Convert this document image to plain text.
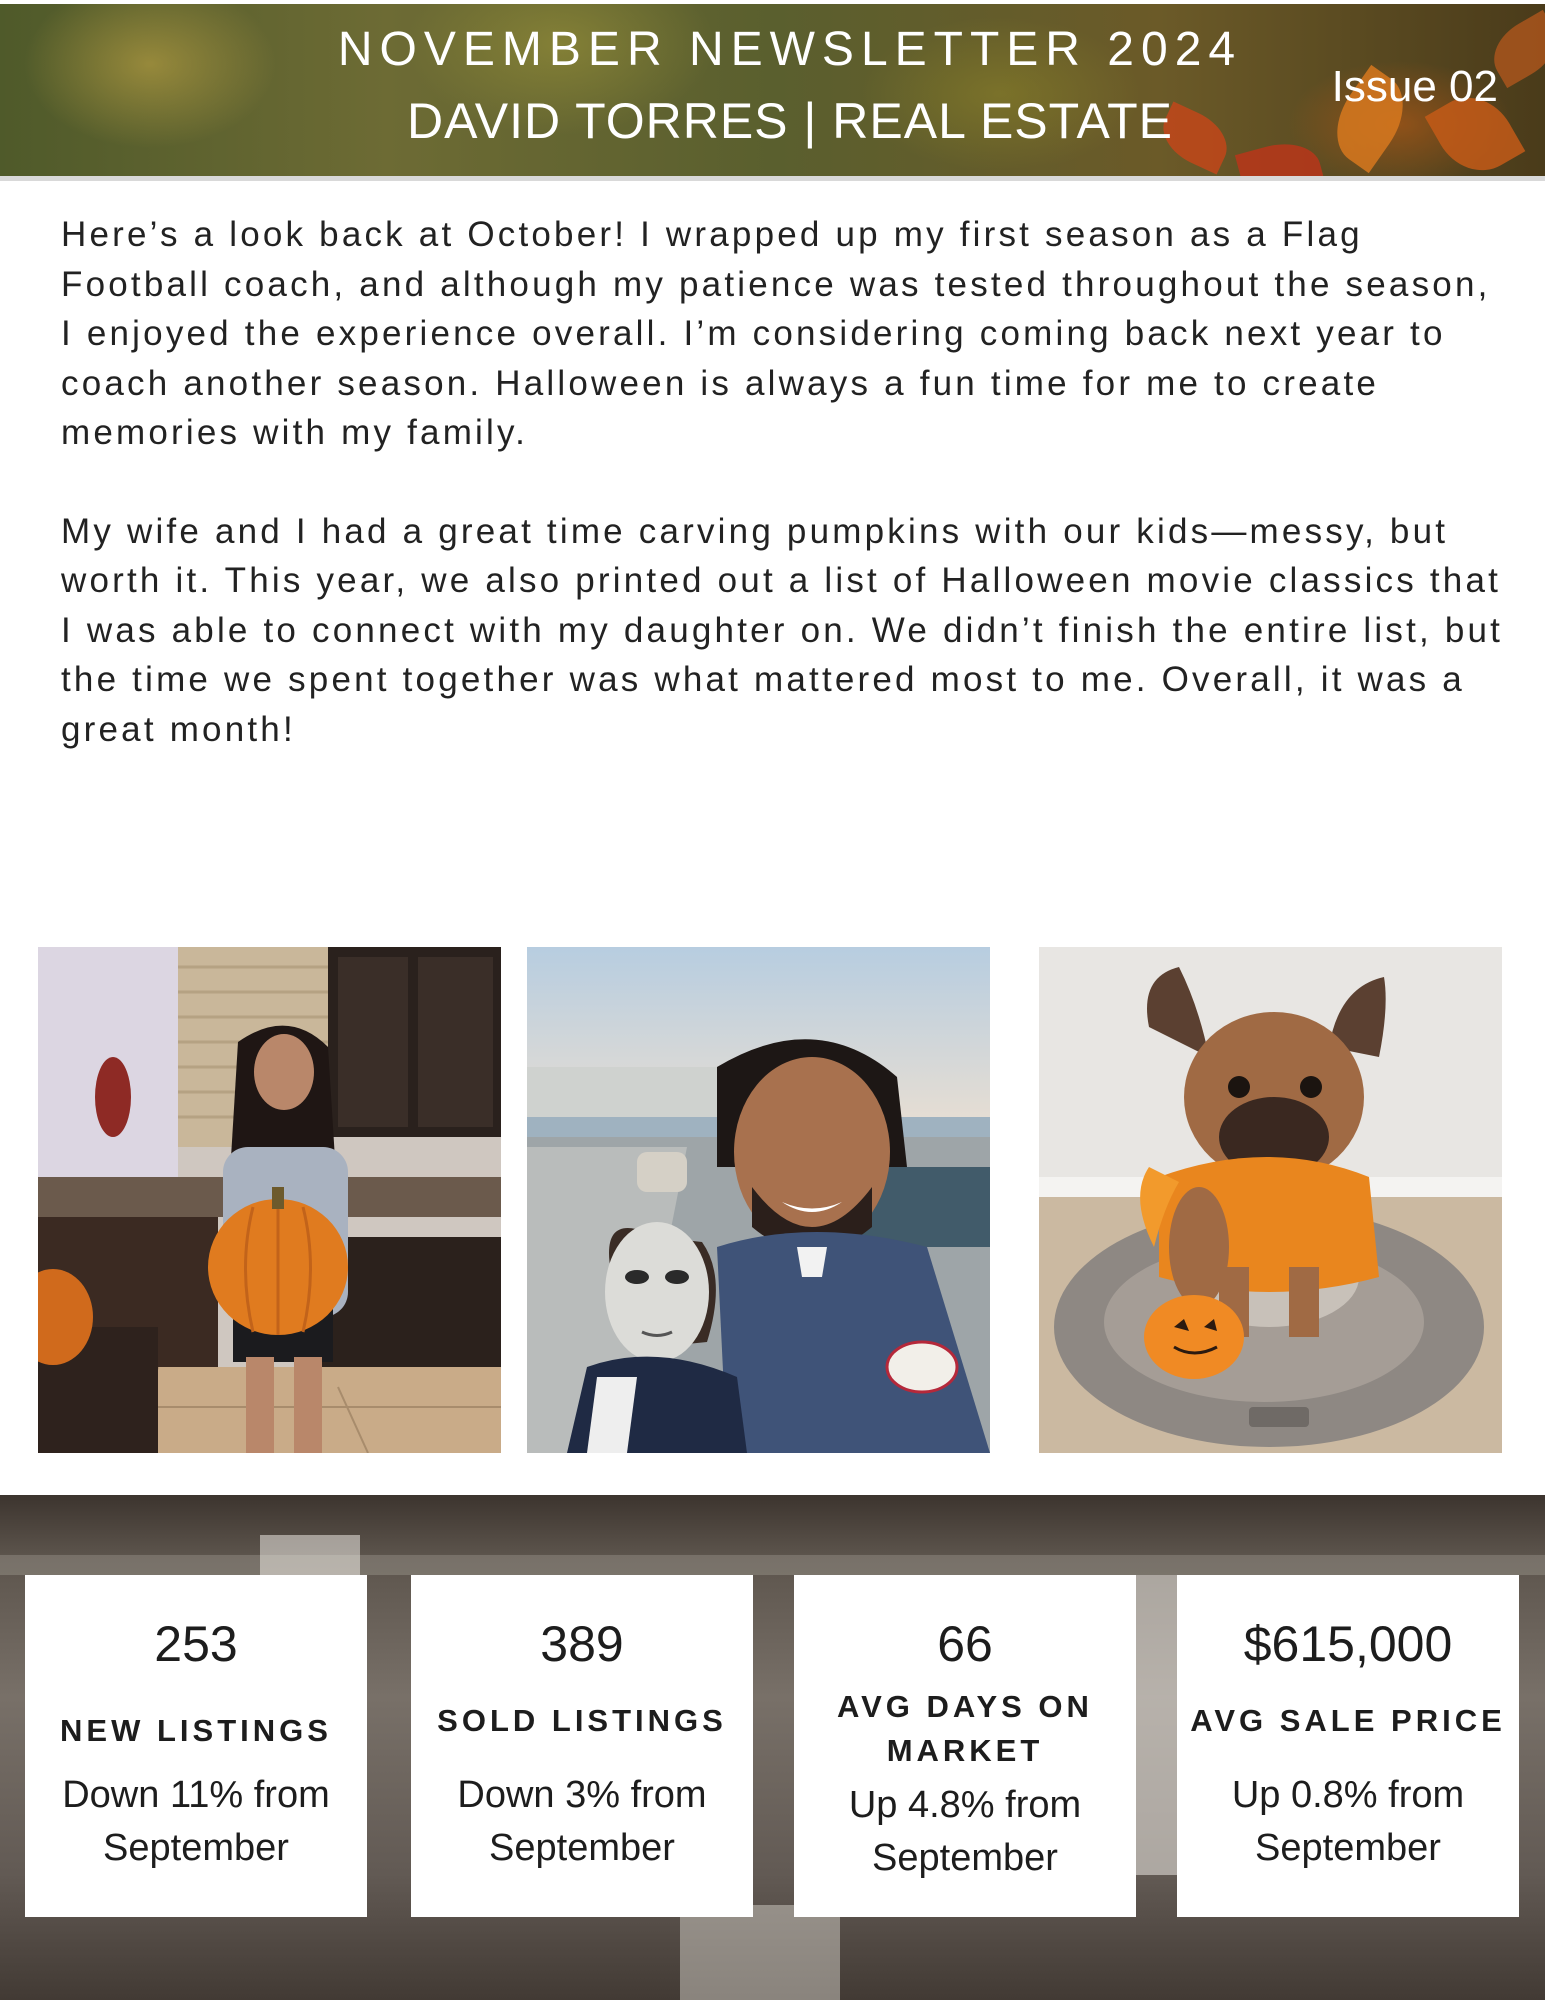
NOVEMBER NEWSLETTER 2024
DAVID TORRES | REAL ESTATE
Issue 02

Here’s a look back at October! I wrapped up my first season as a Flag Football coach, and although my patience was tested throughout the season, I enjoyed the experience overall. I’m considering coming back next year to coach another season. Halloween is always a fun time for me to create memories with my family.

My wife and I had a great time carving pumpkins with our kids—messy, but worth it. This year, we also printed out a list of Halloween movie classics that I was able to connect with my daughter on. We didn’t finish the entire list, but the time we spent together was what mattered most to me. Overall, it was a great month!

253
NEW LISTINGS
Down 11% from September
389
SOLD LISTINGS
Down 3% from September
66
AVG DAYS ON MARKET
Up 4.8% from September
$615,000
AVG SALE PRICE
Up 0.8% from September
